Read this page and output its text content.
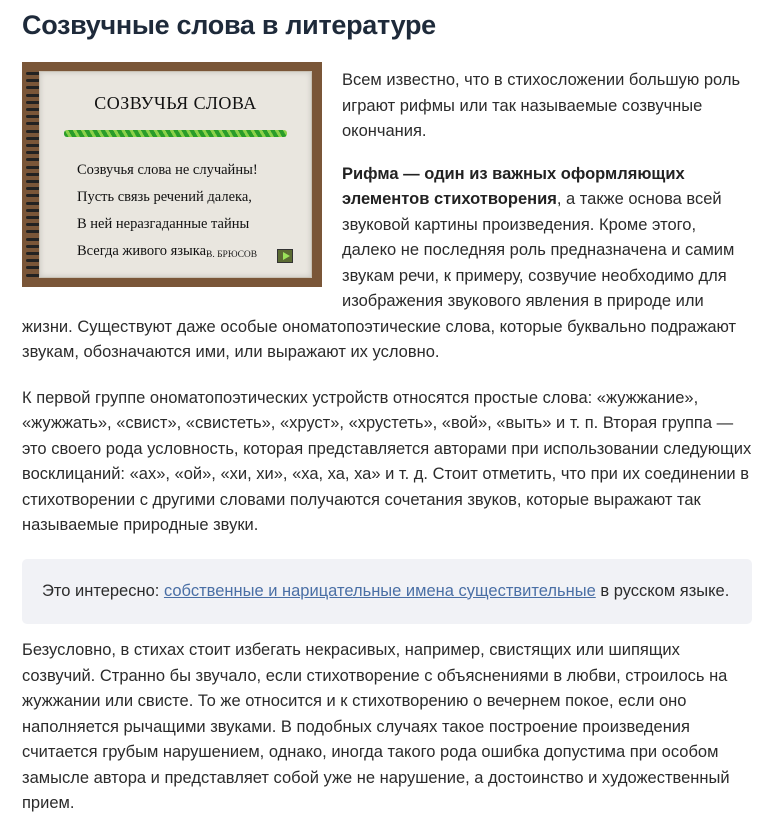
Созвучные слова в литературе
СОЗВУЧЬЯ СЛОВА
Созвучья слова не случайны!
Пусть связь речений далека,
В ней неразгаданные тайны
Всегда живого языка.
В. БРЮСОВ

Всем известно, что в стихосложении большую роль играют рифмы или так называемые созвучные окончания.

Рифма — один из важных оформляющих элементов стихотворения, а также основа всей звуковой картины произведения. Кроме этого, далеко не последняя роль предназначена и самим звукам речи, к примеру, созвучие необходимо для изображения звукового явления в природе или жизни. Существуют даже особые ономатопоэтические слова, которые буквально подражают звукам, обозначаются ими, или выражают их условно.

К первой группе ономатопоэтических устройств относятся простые слова: «жужжание», «жужжать», «свист», «свистеть», «хруст», «хрустеть», «вой», «выть» и т. п. Вторая группа — это своего рода условность, которая представляется авторами при использовании следующих восклицаний: «ах», «ой», «хи, хи», «ха, ха, ха» и т. д. Стоит отметить, что при их соединении в стихотворении с другими словами получаются сочетания звуков, которые выражают так называемые природные звуки.

Это интересно: собственные и нарицательные имена существительные в русском языке.

Безусловно, в стихах стоит избегать некрасивых, например, свистящих или шипящих созвучий. Странно бы звучало, если стихотворение с объяснениями в любви, строилось на жужжании или свисте. То же относится и к стихотворению о вечернем покое, если оно наполняется рычащими звуками. В подобных случаях такое построение произведения считается грубым нарушением, однако, иногда такого рода ошибка допустима при особом замысле автора и представляет собой уже не нарушение, а достоинство и художественный прием.
